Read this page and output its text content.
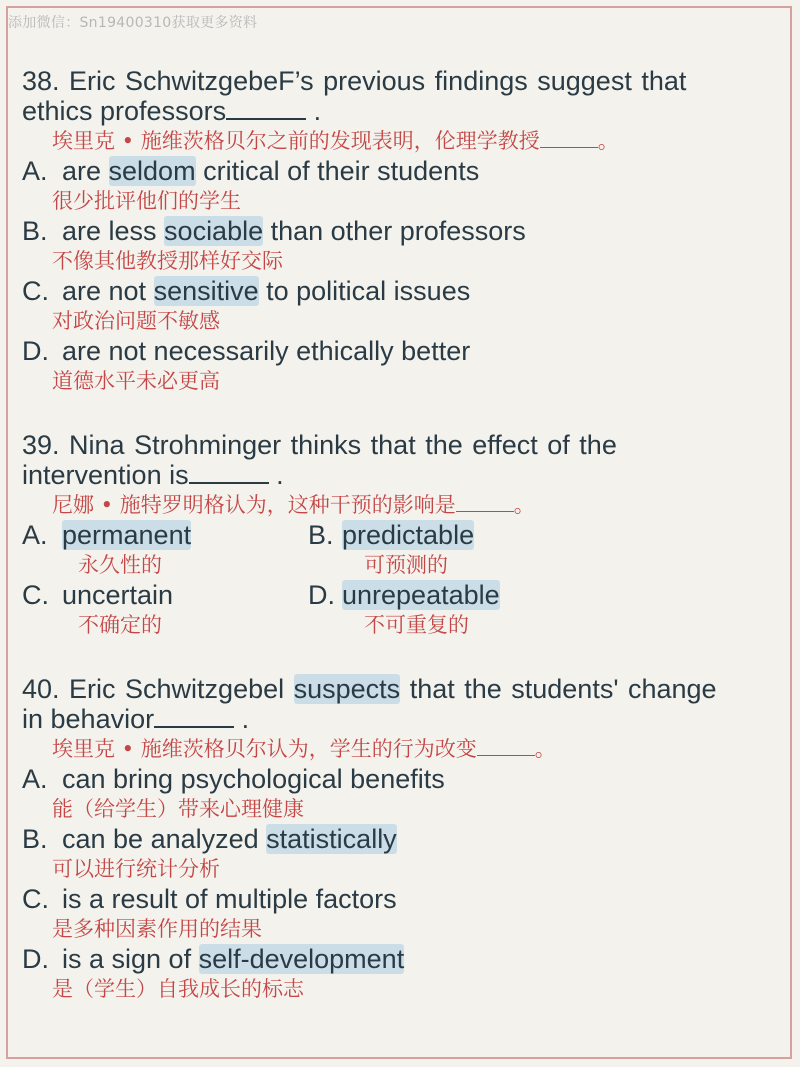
添加微信：Sn19400310获取更多资料
38. Eric SchwitzgebeF’s previous findings suggest that
ethics professors	.
埃里克 • 施维茨格贝尔之前的发现表明，伦理学教授	。
A. are seldom critical of their students
很少批评他们的学生
B. are less sociable than other professors
不像其他教授那样好交际
C. are not sensitive to political issues
对政治问题不敏感
D. are not necessarily ethically better
道德水平未必更高
39. Nina Strohminger thinks that the effect of the
intervention is	.
尼娜 • 施特罗明格认为，这种干预的影响是	。
A. permanent	B. predictable
永久性的	可预测的
C. uncertain	D. unrepeatable
不确定的	不可重复的
40. Eric Schwitzgebel suspects that the students' change
in behavior	.
埃里克 • 施维茨格贝尔认为，学生的行为改变	。
A. can bring psychological benefits
能（给学生）带来心理健康
B. can be analyzed statistically
可以进行统计分析
C. is a result of multiple factors
是多种因素作用的结果
D. is a sign of self-development
是（学生）自我成长的标志
